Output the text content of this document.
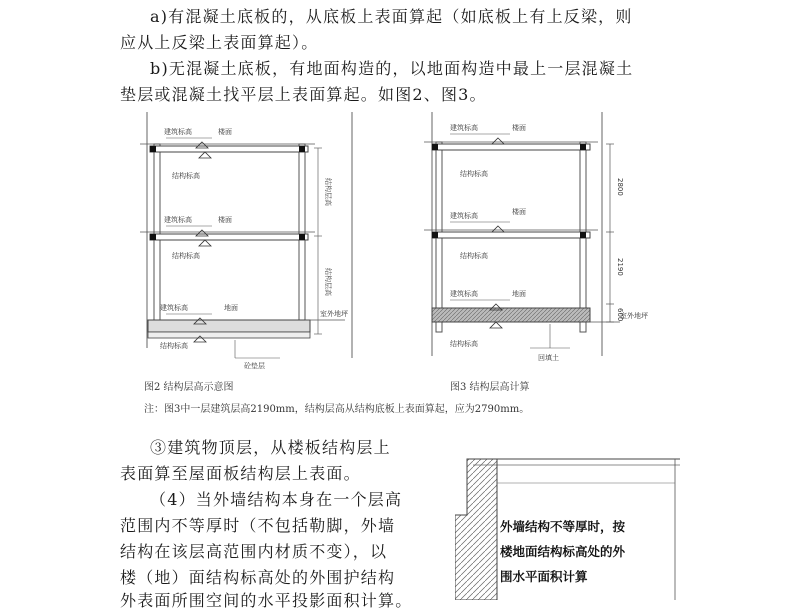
a)有混凝土底板的，从底板上表面算起（如底板上有上反梁，则
应从上反梁上表面算起）。
b)无混凝土底板，有地面构造的，以地面构造中最上一层混凝土
垫层或混凝土找平层上表面算起。如图2、图3。
建筑标高	楼面
结构标高
建筑标高	楼面
结构标高
建筑标高	地面
结构标高
室外地坪
砼垫层
结构层高
结构层高
建筑标高	楼面
结构标高
建筑标高	楼面
结构标高
建筑标高	地面
结构标高
室外地坪
回填土
2800
2190
600
图2 结构层高示意图	图3 结构层高计算
注：图3中一层建筑层高2190mm，结构层高从结构底板上表面算起，应为2790mm。
③建筑物顶层，从楼板结构层上
表面算至屋面板结构层上表面。
（4）当外墙结构本身在一个层高
范围内不等厚时（不包括勒脚，外墙
结构在该层高范围内材质不变），以
楼（地）面结构标高处的外围护结构
外表面所围空间的水平投影面积计算。
外墙结构不等厚时，按
楼地面结构标高处的外
围水平面积计算
